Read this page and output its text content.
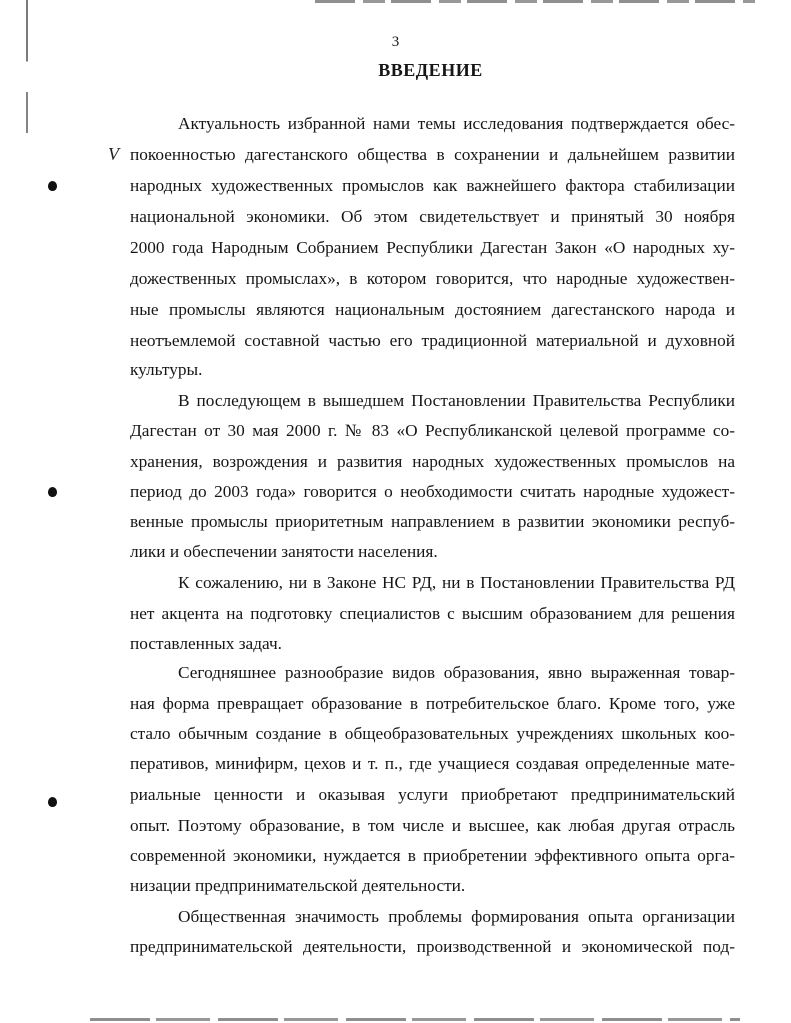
3
ВВЕДЕНИЕ
V
Актуальность избранной нами темы исследования подтверждается обес-
покоенностью дагестанского общества в сохранении и дальнейшем развитии
народных художественных промыслов как важнейшего фактора стабилизации
национальной экономики. Об этом свидетельствует и принятый 30 ноября
2000 года Народным Собранием Республики Дагестан Закон «О народных ху-
дожественных промыслах», в котором говорится, что народные художествен-
ные промыслы являются национальным достоянием дагестанского народа и
неотъемлемой составной частью его традиционной материальной и духовной
культуры.
В последующем в вышедшем Постановлении Правительства Республики
Дагестан от 30 мая 2000 г. № 83 «О Республиканской целевой программе со-
хранения, возрождения и развития народных художественных промыслов на
период до 2003 года» говорится о необходимости считать народные художест-
венные промыслы приоритетным направлением в развитии экономики респуб-
лики и обеспечении занятости населения.
К сожалению, ни в Законе НС РД, ни в Постановлении Правительства РД
нет акцента на подготовку специалистов с высшим образованием для решения
поставленных задач.
Сегодняшнее разнообразие видов образования, явно выраженная товар-
ная форма превращает образование в потребительское благо. Кроме того, уже
стало обычным создание в общеобразовательных учреждениях школьных коо-
перативов, минифирм, цехов и т. п., где учащиеся создавая определенные мате-
риальные ценности и оказывая услуги приобретают предпринимательский
опыт. Поэтому образование, в том числе и высшее, как любая другая отрасль
современной экономики, нуждается в приобретении эффективного опыта орга-
низации предпринимательской деятельности.
Общественная значимость проблемы формирования опыта организации
предпринимательской деятельности, производственной и экономической под-
